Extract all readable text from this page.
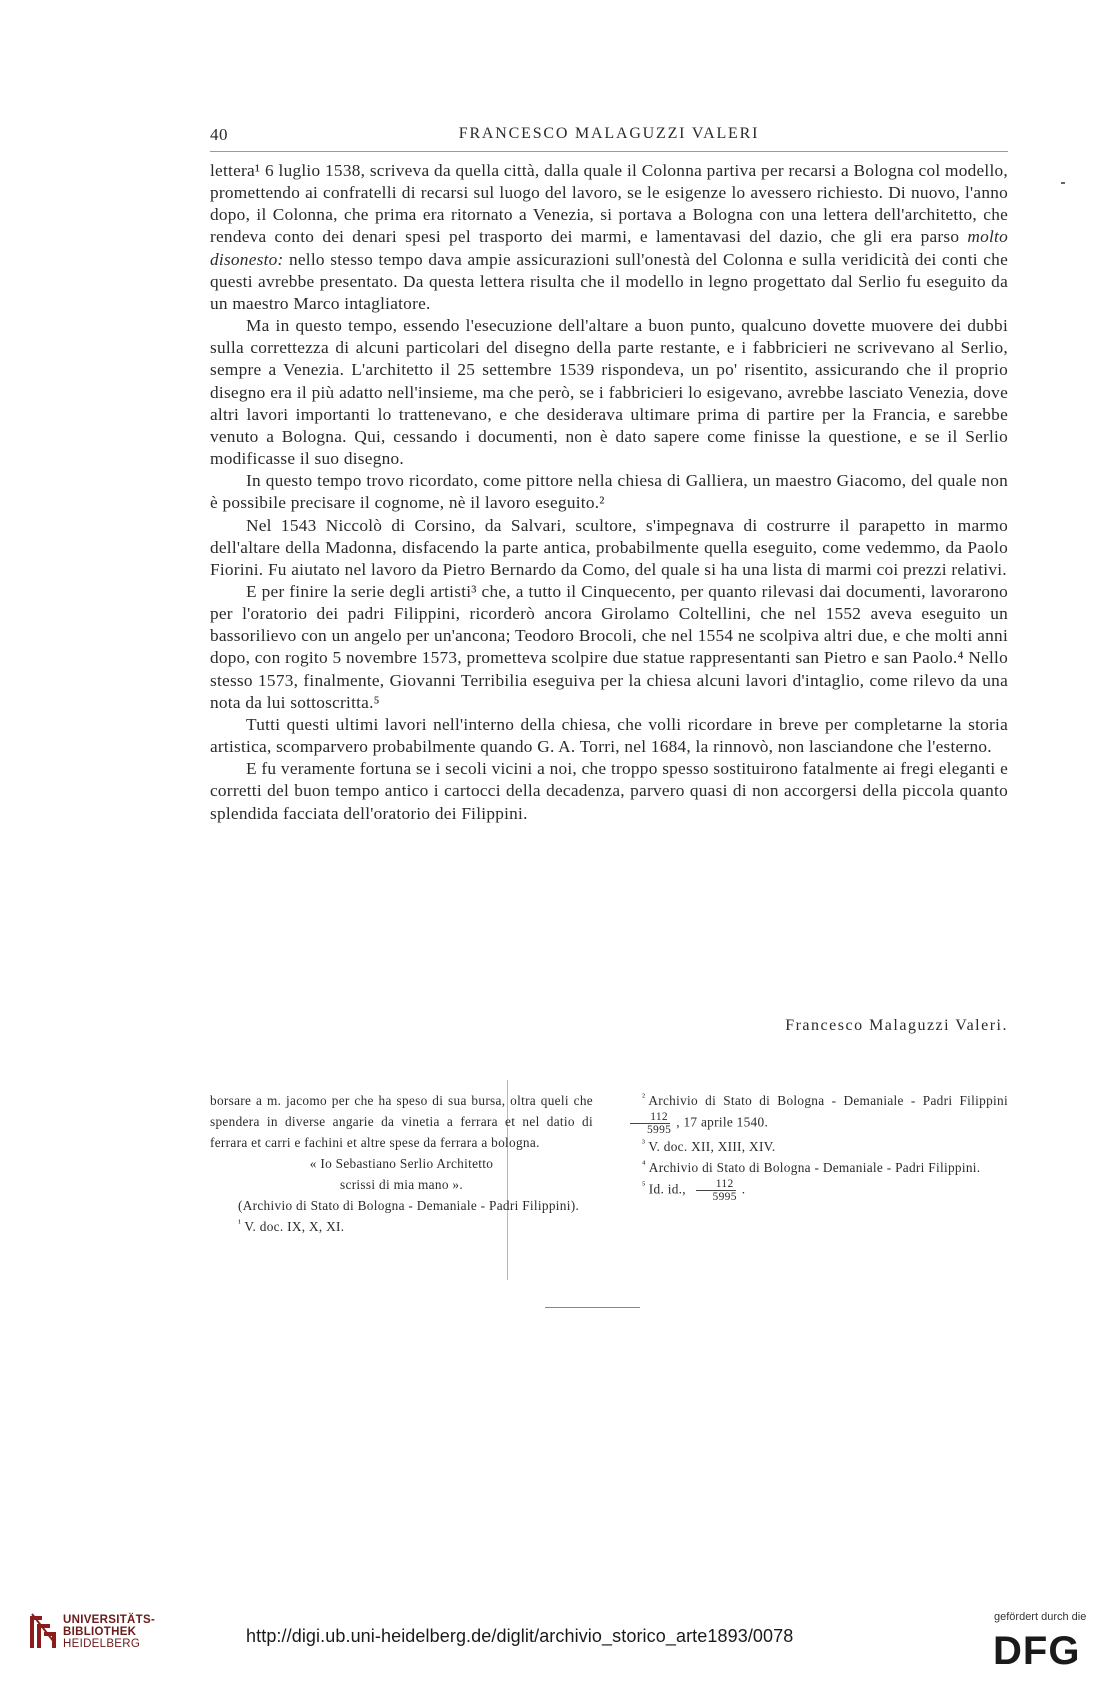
40	FRANCESCO MALAGUZZI VALERI

lettera¹ 6 luglio 1538, scriveva da quella città, dalla quale il Colonna partiva per recarsi a Bologna col modello, promettendo ai confratelli di recarsi sul luogo del lavoro, se le esigenze lo avessero richiesto. Di nuovo, l'anno dopo, il Colonna, che prima era ritornato a Venezia, si portava a Bologna con una lettera dell'architetto, che rendeva conto dei denari spesi pel trasporto dei marmi, e lamentavasi del dazio, che gli era parso molto disonesto: nello stesso tempo dava ampie assicurazioni sull'onestà del Colonna e sulla veridicità dei conti che questi avrebbe presentato. Da questa lettera risulta che il modello in legno progettato dal Serlio fu eseguito da un maestro Marco intagliatore.

Ma in questo tempo, essendo l'esecuzione dell'altare a buon punto, qualcuno dovette muovere dei dubbi sulla correttezza di alcuni particolari del disegno della parte restante, e i fabbricieri ne scrivevano al Serlio, sempre a Venezia. L'architetto il 25 settembre 1539 rispondeva, un po' risentito, assicurando che il proprio disegno era il più adatto nell'insieme, ma che però, se i fabbricieri lo esigevano, avrebbe lasciato Venezia, dove altri lavori importanti lo trattenevano, e che desiderava ultimare prima di partire per la Francia, e sarebbe venuto a Bologna. Qui, cessando i documenti, non è dato sapere come finisse la questione, e se il Serlio modificasse il suo disegno.

In questo tempo trovo ricordato, come pittore nella chiesa di Galliera, un maestro Giacomo, del quale non è possibile precisare il cognome, nè il lavoro eseguito.²

Nel 1543 Niccolò di Corsino, da Salvari, scultore, s'impegnava di costrurre il parapetto in marmo dell'altare della Madonna, disfacendo la parte antica, probabilmente quella eseguito, come vedemmo, da Paolo Fiorini. Fu aiutato nel lavoro da Pietro Bernardo da Como, del quale si ha una lista di marmi coi prezzi relativi.

E per finire la serie degli artisti³ che, a tutto il Cinquecento, per quanto rilevasi dai documenti, lavorarono per l'oratorio dei padri Filippini, ricorderò ancora Girolamo Coltellini, che nel 1552 aveva eseguito un bassorilievo con un angelo per un'ancona; Teodoro Brocoli, che nel 1554 ne scolpiva altri due, e che molti anni dopo, con rogito 5 novembre 1573, prometteva scolpire due statue rappresentanti san Pietro e san Paolo.⁴ Nello stesso 1573, finalmente, Giovanni Terribilia eseguiva per la chiesa alcuni lavori d'intaglio, come rilevo da una nota da lui sottoscritta.⁵

Tutti questi ultimi lavori nell'interno della chiesa, che volli ricordare in breve per completarne la storia artistica, scomparvero probabilmente quando G. A. Torri, nel 1684, la rinnovò, non lasciandone che l'esterno.

E fu veramente fortuna se i secoli vicini a noi, che troppo spesso sostituirono fatalmente ai fregi eleganti e corretti del buon tempo antico i cartocci della decadenza, parvero quasi di non accorgersi della piccola quanto splendida facciata dell'oratorio dei Filippini.

Francesco Malaguzzi Valeri.

borsare a m. jacomo per che ha speso di sua bursa, oltra queli che spendera in diverse angarie da vinetia a ferrara et nel datio di ferrara et carri e fachini et altre spese da ferrara a bologna.

« Io Sebastiano Serlio Architetto

scrissi di mia mano ».

(Archivio di Stato di Bologna - Demaniale - Padri Filippini).

$^{^1}$ V. doc. IX, X, XI.

$^{^2}$ Archivio di Stato di Bologna - Demaniale - Padri Filippini
$\frac{112}{5995}$ , 17 aprile 1540.

$^{^3}$ V. doc. XII, XIII, XIV.

$^{^4}$ Archivio di Stato di Bologna - Demaniale - Padri Filippini.

$^{^5}$ Id. id., $\frac{112}{5995}$ .

UNIVERSITÄTS-
BIBLIOTHEK
HEIDELBERG	http://digi.ub.uni-heidelberg.de/diglit/archivio_storico_arte1893/0078
gefördert durch die
DFG
